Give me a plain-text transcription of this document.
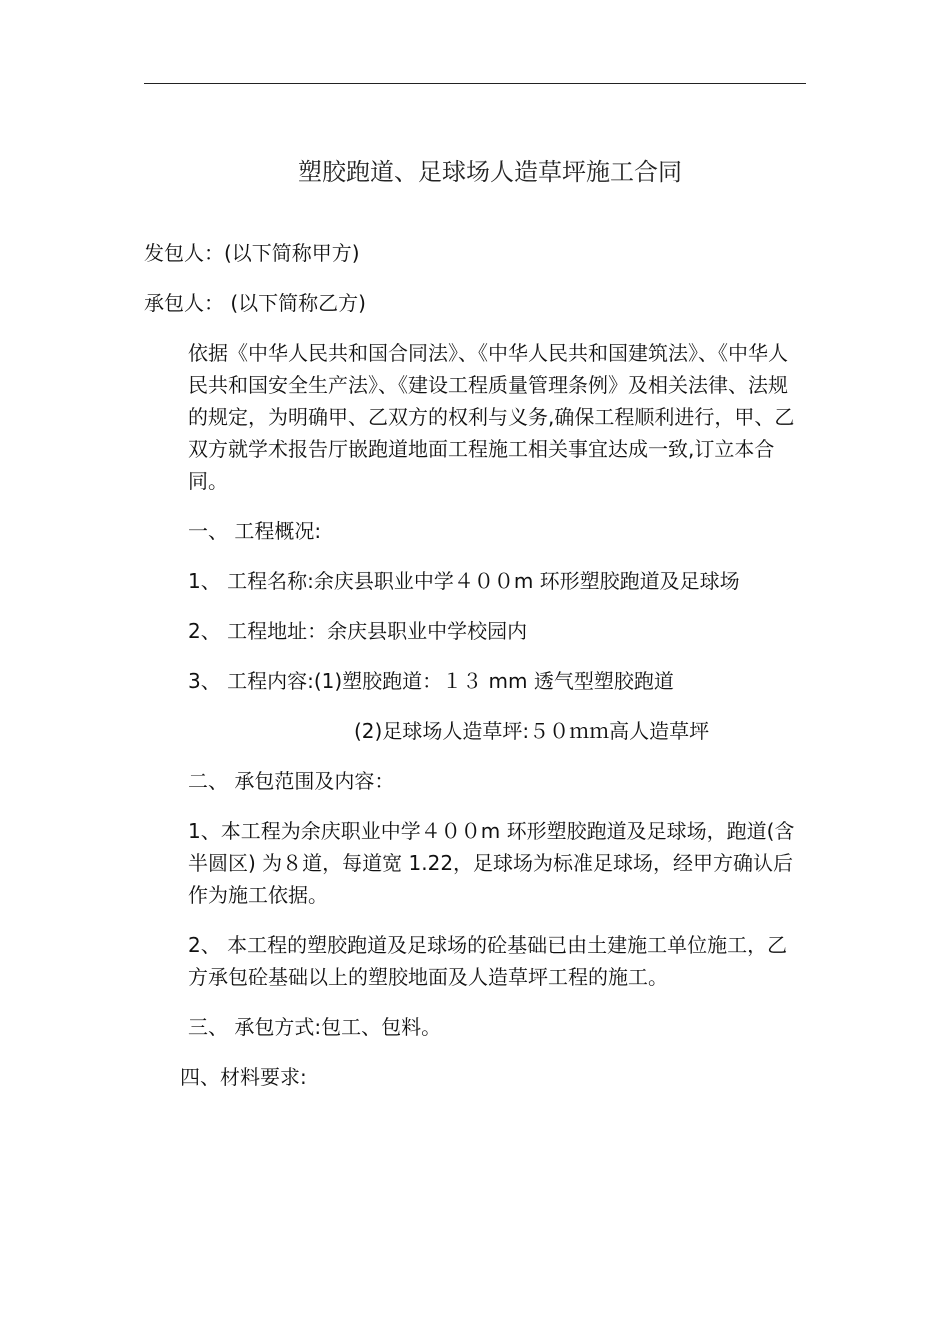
塑胶跑道、足球场人造草坪施工合同

发包人：(以下简称甲方)

承包人： (以下简称乙方)

依据《中华人民共和国合同法》、《中华人民共和国建筑法》、《中华人民共和国安全生产法》、《建设工程质量管理条例》及相关法律、法规的规定，为明确甲、乙双方的权利与义务,确保工程顺利进行，甲、乙双方就学术报告厅嵌跑道地面工程施工相关事宜达成一致,订立本合同。

一、 工程概况:

1、 工程名称:余庆县职业中学４００m 环形塑胶跑道及足球场

2、 工程地址：余庆县职业中学校园内

3、 工程内容:(1)塑胶跑道：１３ mm 透气型塑胶跑道

(2)足球场人造草坪:５０ｍｍ高人造草坪

二、 承包范围及内容：

1、本工程为余庆职业中学４００m 环形塑胶跑道及足球场，跑道(含半圆区) 为８道，每道宽 1.22，足球场为标准足球场，经甲方确认后作为施工依据。

2、 本工程的塑胶跑道及足球场的砼基础已由土建施工单位施工，乙方承包砼基础以上的塑胶地面及人造草坪工程的施工。

三、 承包方式:包工、包料。

四、材料要求:
